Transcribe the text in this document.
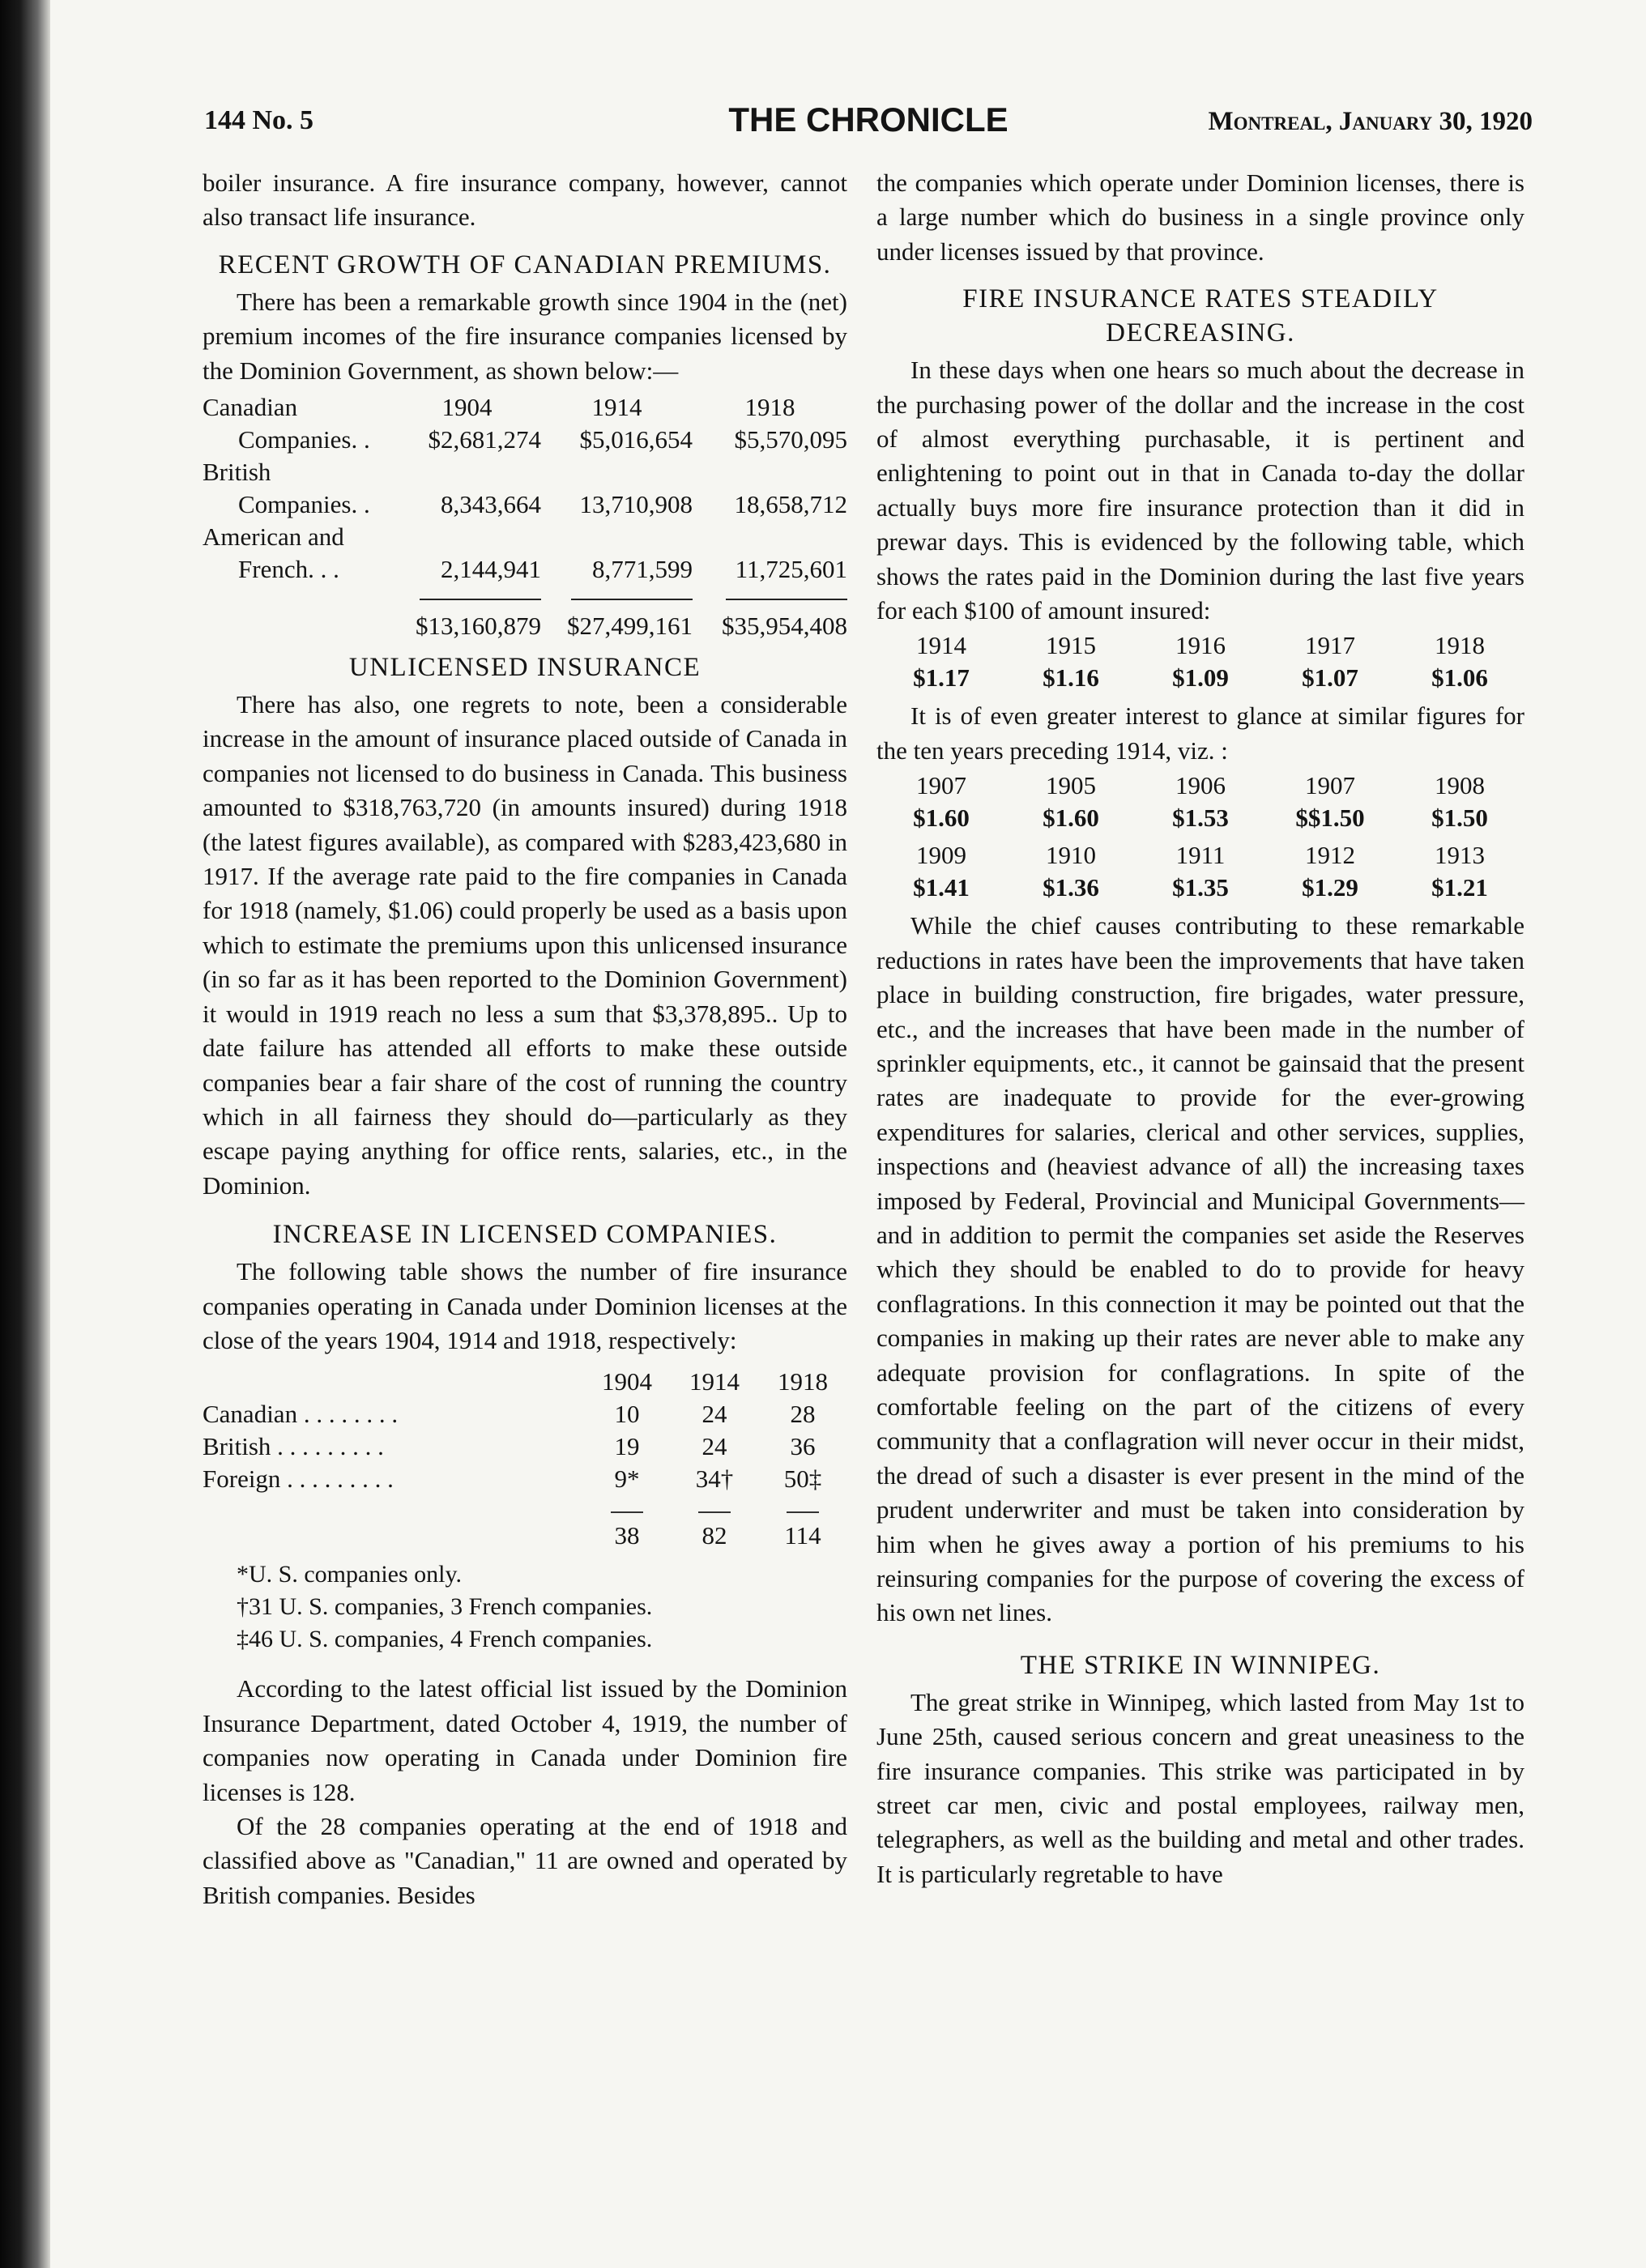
144 No. 5	THE CHRONICLE	Montreal, January 30, 1920

boiler insurance. A fire insurance company, however, cannot also transact life insurance.

RECENT GROWTH OF CANADIAN PREMIUMS.

There has been a remarkable growth since 1904 in the (net) premium incomes of the fire insurance companies licensed by the Dominion Government, as shown below:—

Canadian	1904	1914	1918
Companies. .	$2,681,274	$5,016,654	$5,570,095
British
Companies. .	8,343,664	13,710,908	18,658,712
American and
French. . .	2,144,941	8,771,599	11,725,601
$13,160,879	$27,499,161	$35,954,408
UNLICENSED INSURANCE

There has also, one regrets to note, been a considerable increase in the amount of insurance placed outside of Canada in companies not licensed to do business in Canada. This business amounted to $318,763,720 (in amounts insured) during 1918 (the latest figures available), as compared with $283,423,680 in 1917. If the average rate paid to the fire companies in Canada for 1918 (namely, $1.06) could properly be used as a basis upon which to estimate the premiums upon this unlicensed insurance (in so far as it has been reported to the Dominion Government) it would in 1919 reach no less a sum that $3,378,895.. Up to date failure has attended all efforts to make these outside companies bear a fair share of the cost of running the country which in all fairness they should do—particularly as they escape paying anything for office rents, salaries, etc., in the Dominion.

INCREASE IN LICENSED COMPANIES.

The following table shows the number of fire insurance companies operating in Canada under Dominion licenses at the close of the years 1904, 1914 and 1918, respectively:

1904	1914	1918
Canadian . . . . . . . .	10	24	28
British . . . . . . . . .	19	24	36
Foreign . . . . . . . . .	9*	34†	50‡
38	82	114
*U. S. companies only.
†31 U. S. companies, 3 French companies.
‡46 U. S. companies, 4 French companies.

According to the latest official list issued by the Dominion Insurance Department, dated October 4, 1919, the number of companies now operating in Canada under Dominion fire licenses is 128.

Of the 28 companies operating at the end of 1918 and classified above as "Canadian," 11 are owned and operated by British companies. Besides

the companies which operate under Dominion licenses, there is a large number which do business in a single province only under licenses issued by that province.

FIRE INSURANCE RATES STEADILY DECREASING.

In these days when one hears so much about the decrease in the purchasing power of the dollar and the increase in the cost of almost everything purchasable, it is pertinent and enlightening to point out in that in Canada to-day the dollar actually buys more fire insurance protection than it did in prewar days. This is evidenced by the following table, which shows the rates paid in the Dominion during the last five years for each $100 of amount insured:

1914	1915	1916	1917	1918
$1.17	$1.16	$1.09	$1.07	$1.06

It is of even greater interest to glance at similar figures for the ten years preceding 1914, viz. :

1907	1905	1906	1907	1908
$1.60	$1.60	$1.53	$$1.50	$1.50
1909	1910	1911	1912	1913
$1.41	$1.36	$1.35	$1.29	$1.21

While the chief causes contributing to these remarkable reductions in rates have been the improvements that have taken place in building construction, fire brigades, water pressure, etc., and the increases that have been made in the number of sprinkler equipments, etc., it cannot be gainsaid that the present rates are inadequate to provide for the ever-growing expenditures for salaries, clerical and other services, supplies, inspections and (heaviest advance of all) the increasing taxes imposed by Federal, Provincial and Municipal Governments—and in addition to permit the companies set aside the Reserves which they should be enabled to do to provide for heavy conflagrations. In this connection it may be pointed out that the companies in making up their rates are never able to make any adequate provision for conflagrations. In spite of the comfortable feeling on the part of the citizens of every community that a conflagration will never occur in their midst, the dread of such a disaster is ever present in the mind of the prudent underwriter and must be taken into consideration by him when he gives away a portion of his premiums to his reinsuring companies for the purpose of covering the excess of his own net lines.

THE STRIKE IN WINNIPEG.

The great strike in Winnipeg, which lasted from May 1st to June 25th, caused serious concern and great uneasiness to the fire insurance companies. This strike was participated in by street car men, civic and postal employees, railway men, telegraphers, as well as the building and metal and other trades. It is particularly regretable to have
